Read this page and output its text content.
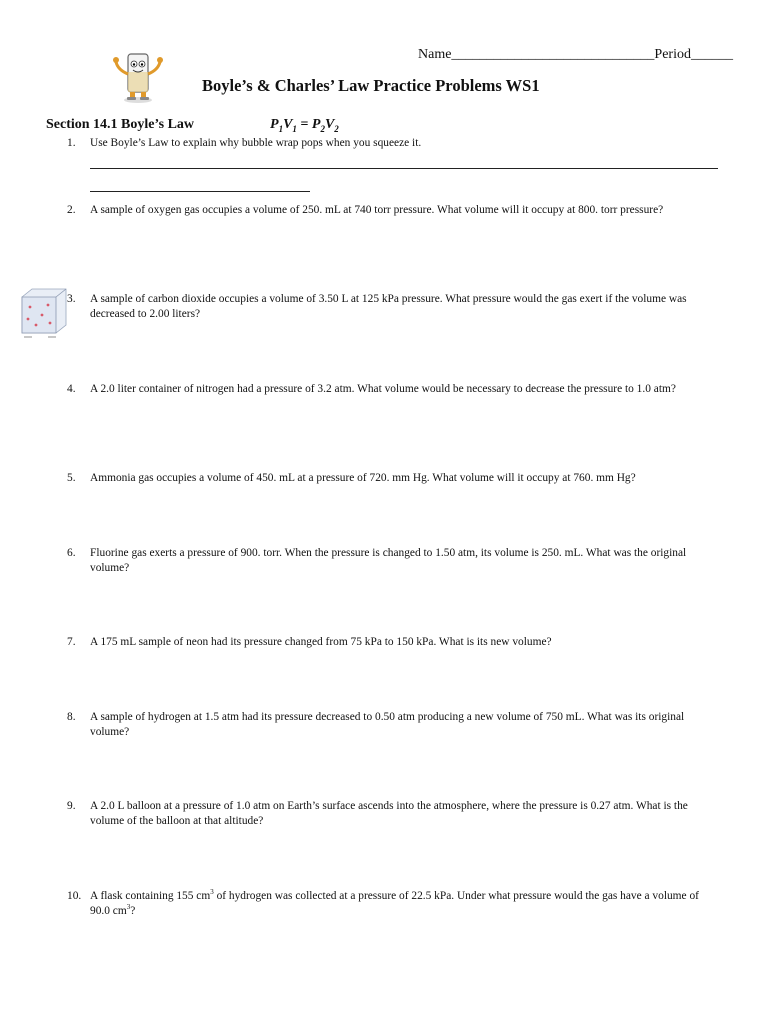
Name_____________________________Period______
Boyle’s & Charles’ Law Practice Problems WS1
Section 14.1 Boyle’s Law	$P_1V_1 = P_2V_2$
1. Use Boyle’s Law to explain why bubble wrap pops when you squeeze it.
2. A sample of oxygen gas occupies a volume of 250. mL at 740 torr pressure. What volume will it occupy at 800. torr pressure?
3. A sample of carbon dioxide occupies a volume of 3.50 L at 125 kPa pressure. What pressure would the gas exert if the volume was decreased to 2.00 liters?
4. A 2.0 liter container of nitrogen had a pressure of 3.2 atm. What volume would be necessary to decrease the pressure to 1.0 atm?
5. Ammonia gas occupies a volume of 450. mL at a pressure of 720. mm Hg. What volume will it occupy at 760. mm Hg?
6. Fluorine gas exerts a pressure of 900. torr. When the pressure is changed to 1.50 atm, its volume is 250. mL. What was the original volume?
7. A 175 mL sample of neon had its pressure changed from 75 kPa to 150 kPa. What is its new volume?
8. A sample of hydrogen at 1.5 atm had its pressure decreased to 0.50 atm producing a new volume of 750 mL. What was its original volume?
9. A 2.0 L balloon at a pressure of 1.0 atm on Earth’s surface ascends into the atmosphere, where the pressure is 0.27 atm. What is the volume of the balloon at that altitude?
10. A flask containing 155 $cm^3$ of hydrogen was collected at a pressure of 22.5 kPa. Under what pressure would the gas have a volume of 90.0 $cm^3$?
